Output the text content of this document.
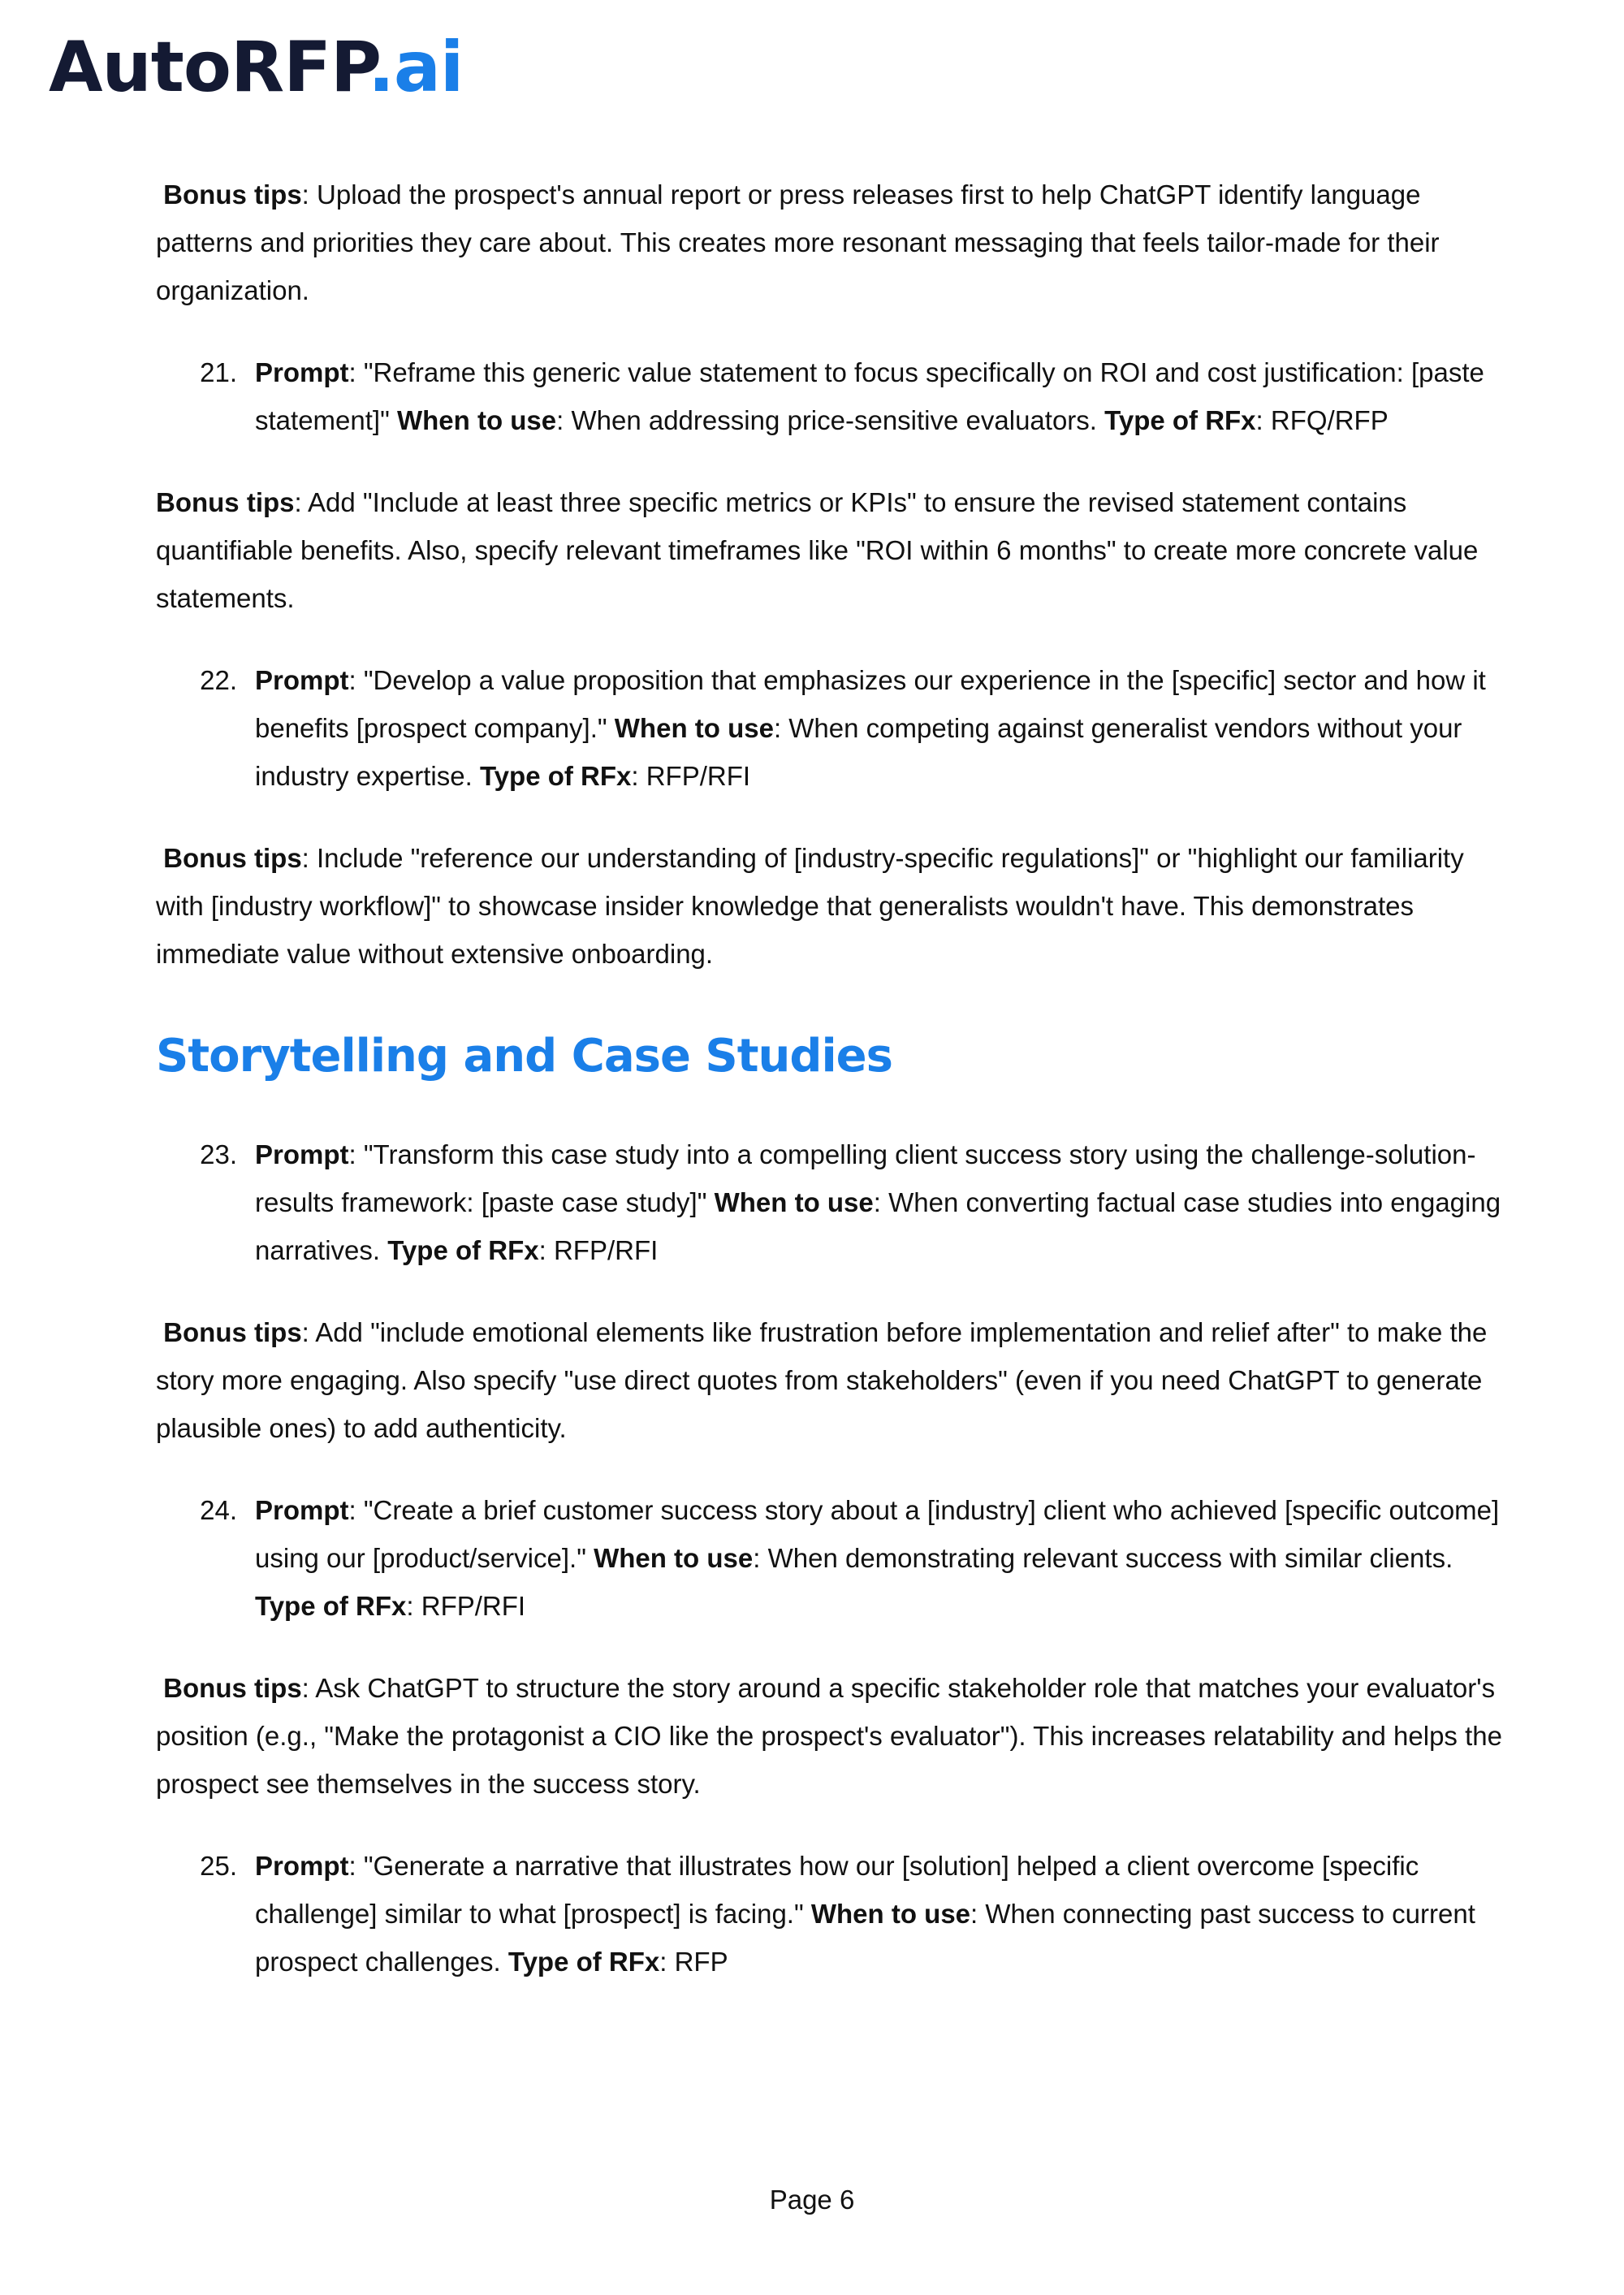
AutoRFP.ai

Bonus tips: Upload the prospect's annual report or press releases first to help ChatGPT identify language patterns and priorities they care about. This creates more resonant messaging that feels tailor-made for their organization.

21. Prompt: "Reframe this generic value statement to focus specifically on ROI and cost justification: [paste statement]" When to use: When addressing price-sensitive evaluators. Type of RFx: RFQ/RFP

Bonus tips: Add "Include at least three specific metrics or KPIs" to ensure the revised statement contains quantifiable benefits. Also, specify relevant timeframes like "ROI within 6 months" to create more concrete value statements.

22. Prompt: "Develop a value proposition that emphasizes our experience in the [specific] sector and how it benefits [prospect company]." When to use: When competing against generalist vendors without your industry expertise. Type of RFx: RFP/RFI

Bonus tips: Include "reference our understanding of [industry-specific regulations]" or "highlight our familiarity with [industry workflow]" to showcase insider knowledge that generalists wouldn't have. This demonstrates immediate value without extensive onboarding.

Storytelling and Case Studies
23. Prompt: "Transform this case study into a compelling client success story using the challenge-solution-results framework: [paste case study]" When to use: When converting factual case studies into engaging narratives. Type of RFx: RFP/RFI

Bonus tips: Add "include emotional elements like frustration before implementation and relief after" to make the story more engaging. Also specify "use direct quotes from stakeholders" (even if you need ChatGPT to generate plausible ones) to add authenticity.

24. Prompt: "Create a brief customer success story about a [industry] client who achieved [specific outcome] using our [product/service]." When to use: When demonstrating relevant success with similar clients. Type of RFx: RFP/RFI

Bonus tips: Ask ChatGPT to structure the story around a specific stakeholder role that matches your evaluator's position (e.g., "Make the protagonist a CIO like the prospect's evaluator"). This increases relatability and helps the prospect see themselves in the success story.

25. Prompt: "Generate a narrative that illustrates how our [solution] helped a client overcome [specific challenge] similar to what [prospect] is facing." When to use: When connecting past success to current prospect challenges. Type of RFx: RFP
Page 6
